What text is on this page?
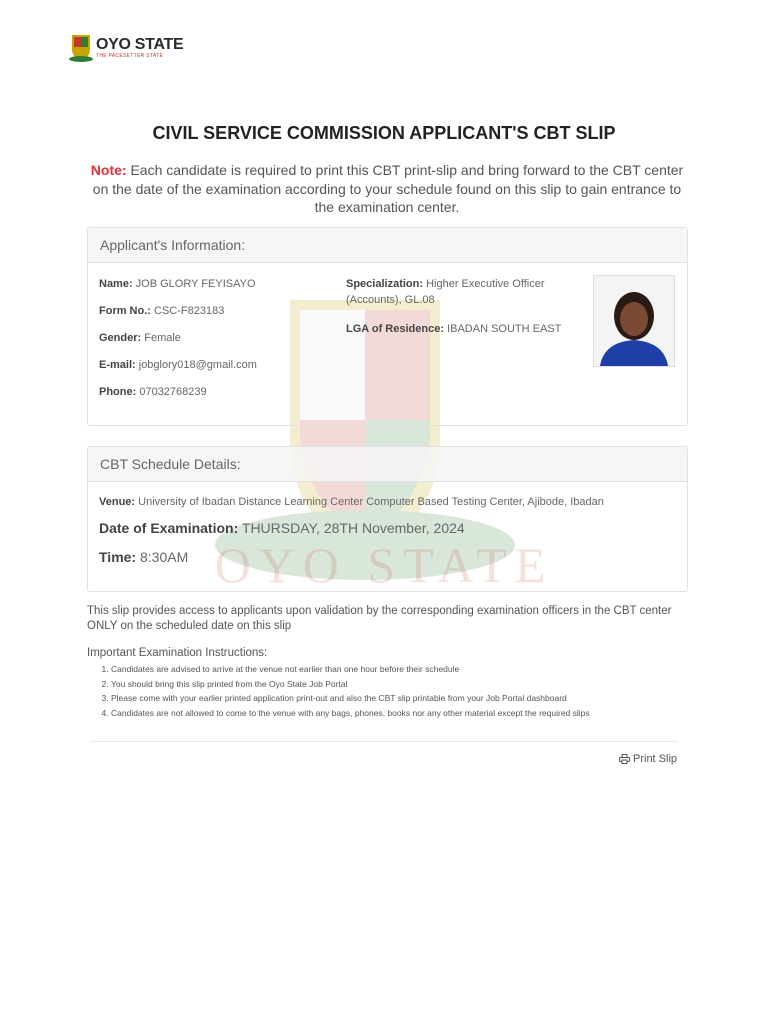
OYO STATE
OYO STATE
THE PACESETTER STATE
CIVIL SERVICE COMMISSION APPLICANT'S CBT SLIP
Note: Each candidate is required to print this CBT print-slip and bring forward to the CBT center on the date of the examination according to your schedule found on this slip to gain entrance to the examination center.
Applicant's Information:
Name: JOB GLORY FEYISAYO
Form No.: CSC-F823183
Gender: Female
E-mail: jobglory018@gmail.com
Phone: 07032768239
Specialization: Higher Executive Officer (Accounts), GL.08
LGA of Residence: IBADAN SOUTH EAST
CBT Schedule Details:
Venue: University of Ibadan Distance Learning Center Computer Based Testing Center, Ajibode, Ibadan
Date of Examination: THURSDAY, 28TH November, 2024
Time: 8:30AM
This slip provides access to applicants upon validation by the corresponding examination officers in the CBT center ONLY on the scheduled date on this slip
Important Examination Instructions:
1. Candidates are advised to arrive at the venue not earlier than one hour before their schedule
2. You should bring this slip printed from the Oyo State Job Portal
3. Please come with your earlier printed application print-out and also the CBT slip printable from your Job Portal dashboard
4. Candidates are not allowed to come to the venue with any bags, phones, books nor any other material except the required slips
Print Slip
